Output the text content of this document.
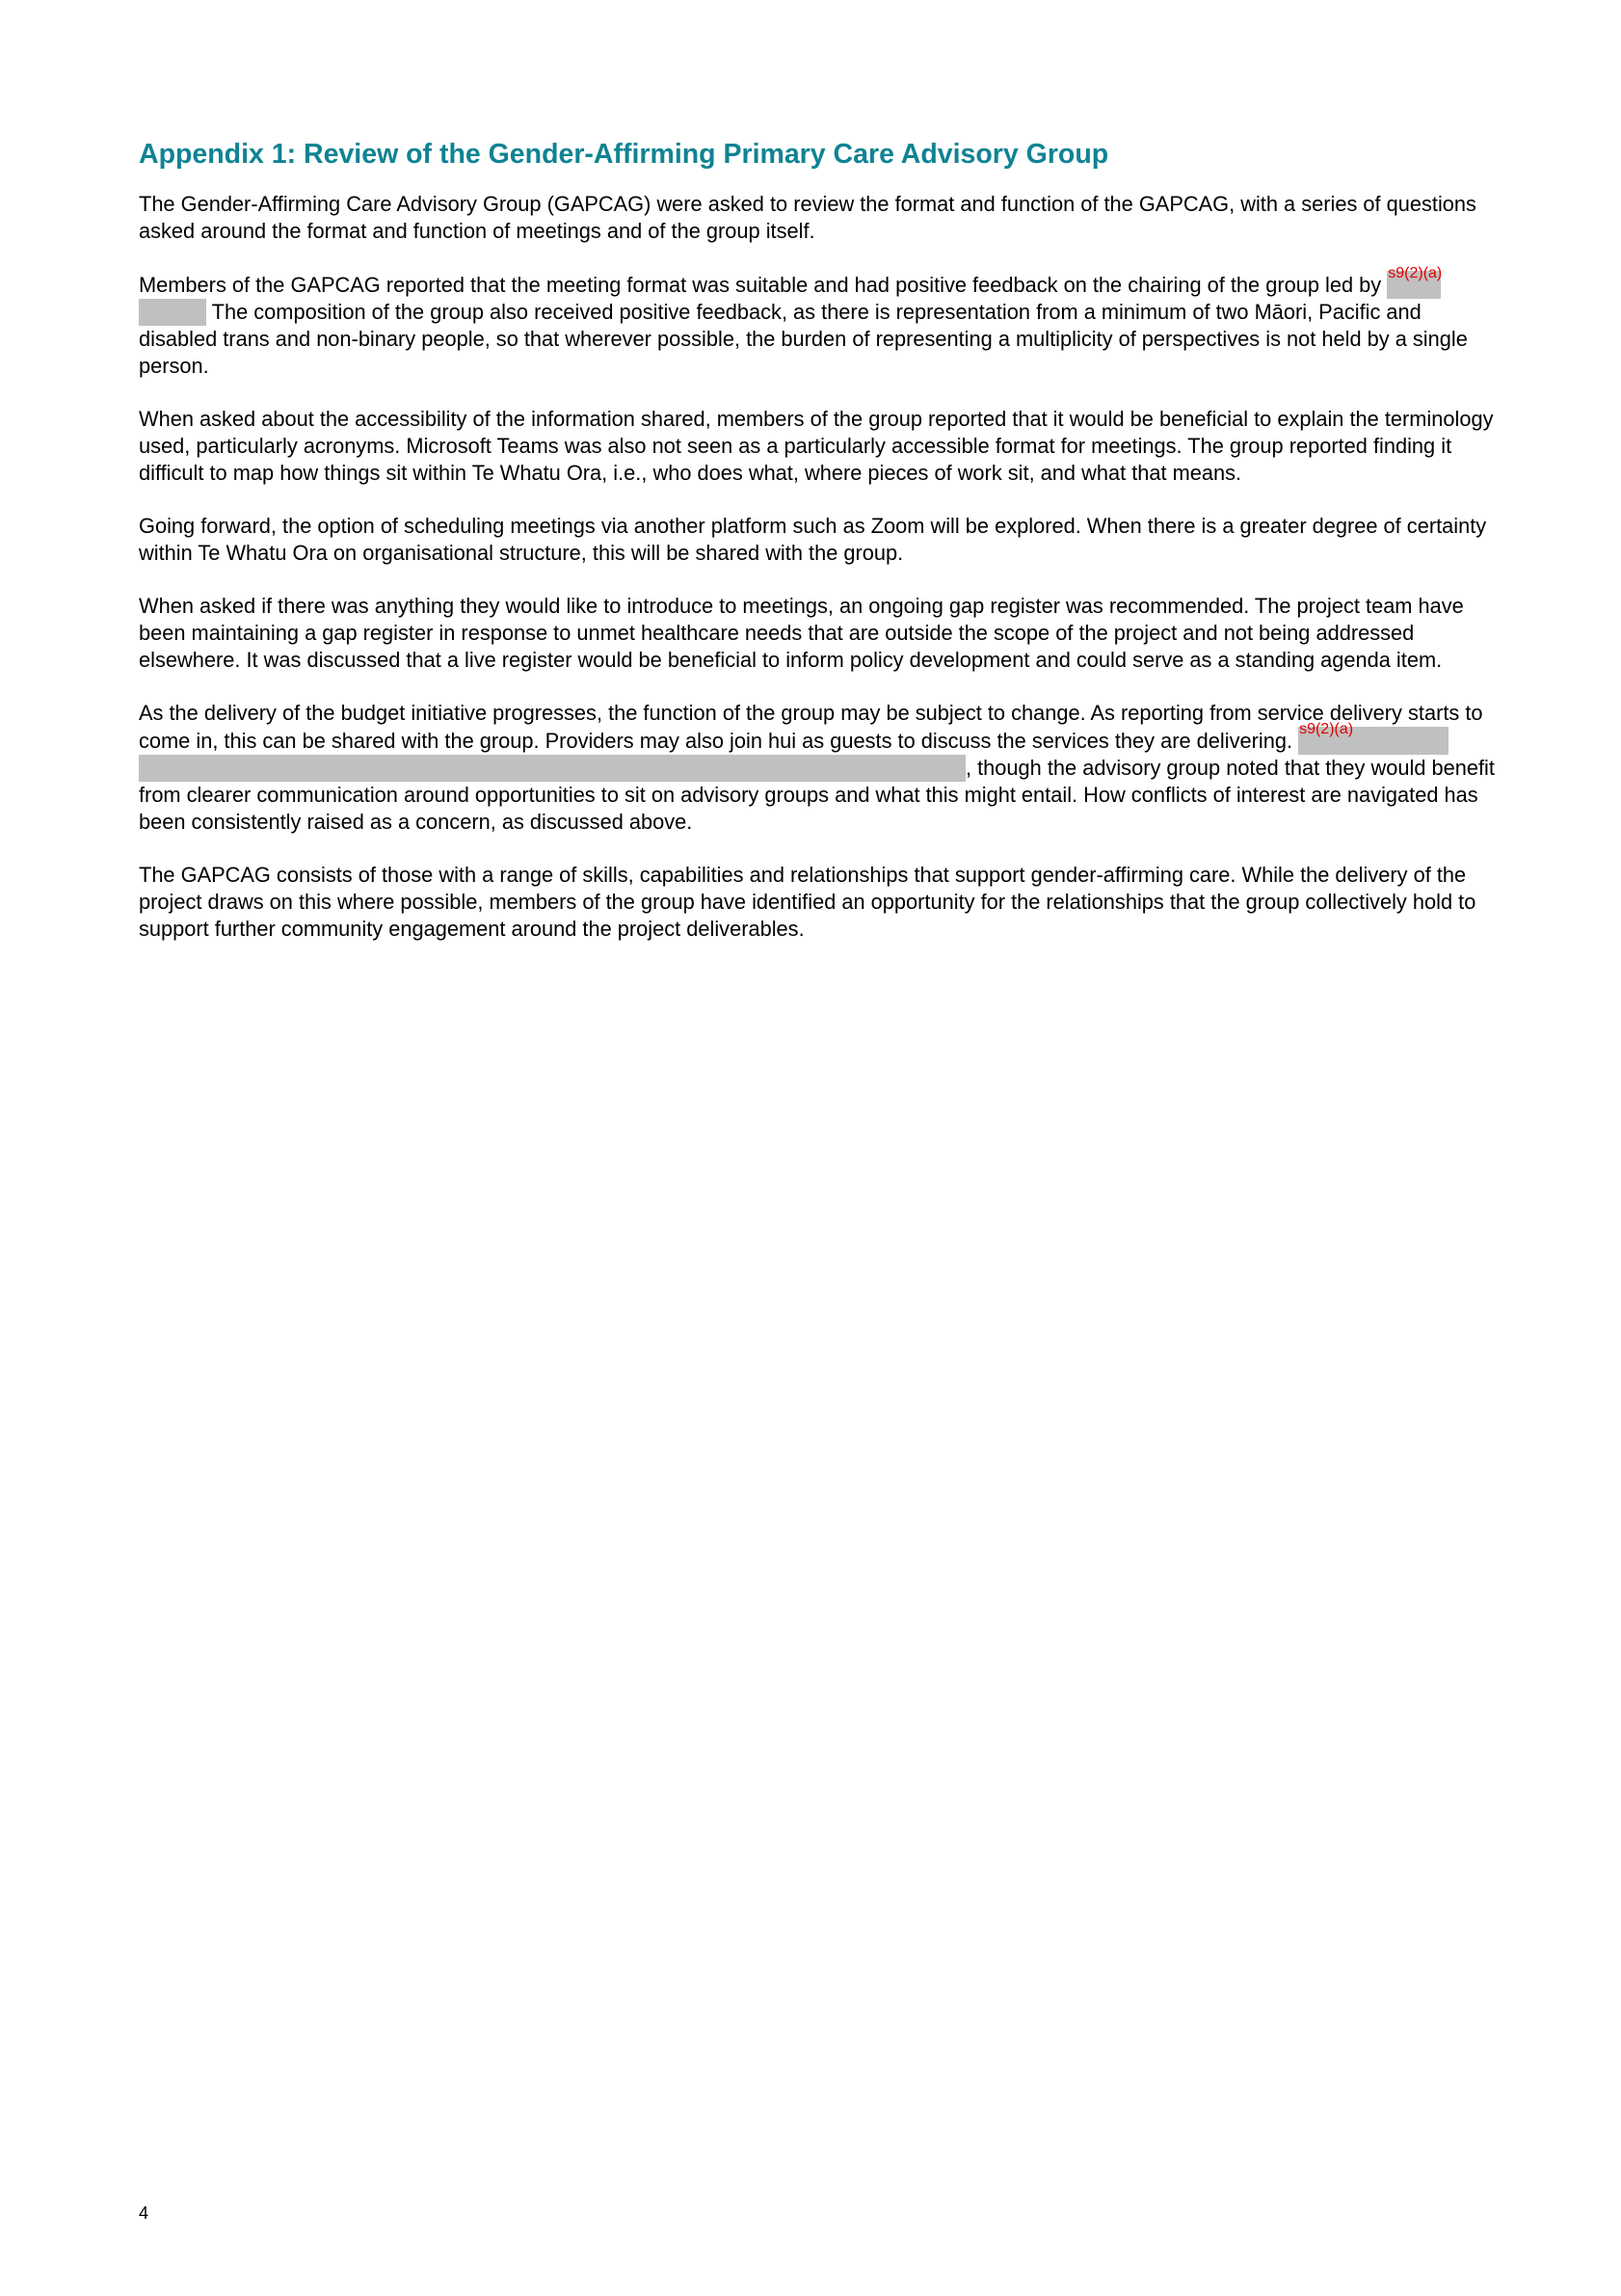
Appendix 1: Review of the Gender-Affirming Primary Care Advisory Group

The Gender-Affirming Care Advisory Group (GAPCAG) were asked to review the format and function of the GAPCAG, with a series of questions asked around the format and function of meetings and of the group itself.

Members of the GAPCAG reported that the meeting format was suitable and had positive feedback on the chairing of the group led by s9(2)(a)

The composition of the group also received positive feedback, as there is representation from a minimum of two Māori, Pacific and disabled trans and non-binary people, so that wherever possible, the burden of representing a multiplicity of perspectives is not held by a single person.

When asked about the accessibility of the information shared, members of the group reported that it would be beneficial to explain the terminology used, particularly acronyms. Microsoft Teams was also not seen as a particularly accessible format for meetings. The group reported finding it difficult to map how things sit within Te Whatu Ora, i.e., who does what, where pieces of work sit, and what that means.

Going forward, the option of scheduling meetings via another platform such as Zoom will be explored. When there is a greater degree of certainty within Te Whatu Ora on organisational structure, this will be shared with the group.

When asked if there was anything they would like to introduce to meetings, an ongoing gap register was recommended. The project team have been maintaining a gap register in response to unmet healthcare needs that are outside the scope of the project and not being addressed elsewhere. It was discussed that a live register would be beneficial to inform policy development and could serve as a standing agenda item.

As the delivery of the budget initiative progresses, the function of the group may be subject to change. As reporting from service delivery starts to come in, this can be shared with the group. Providers may also join hui as guests to discuss the services they are delivering. s9(2)(a)

, though the advisory group noted that they would benefit from clearer communication around opportunities to sit on advisory groups and what this might entail. How conflicts of interest are navigated has been consistently raised as a concern, as discussed above.

The GAPCAG consists of those with a range of skills, capabilities and relationships that support gender-affirming care. While the delivery of the project draws on this where possible, members of the group have identified an opportunity for the relationships that the group collectively hold to support further community engagement around the project deliverables.

4
